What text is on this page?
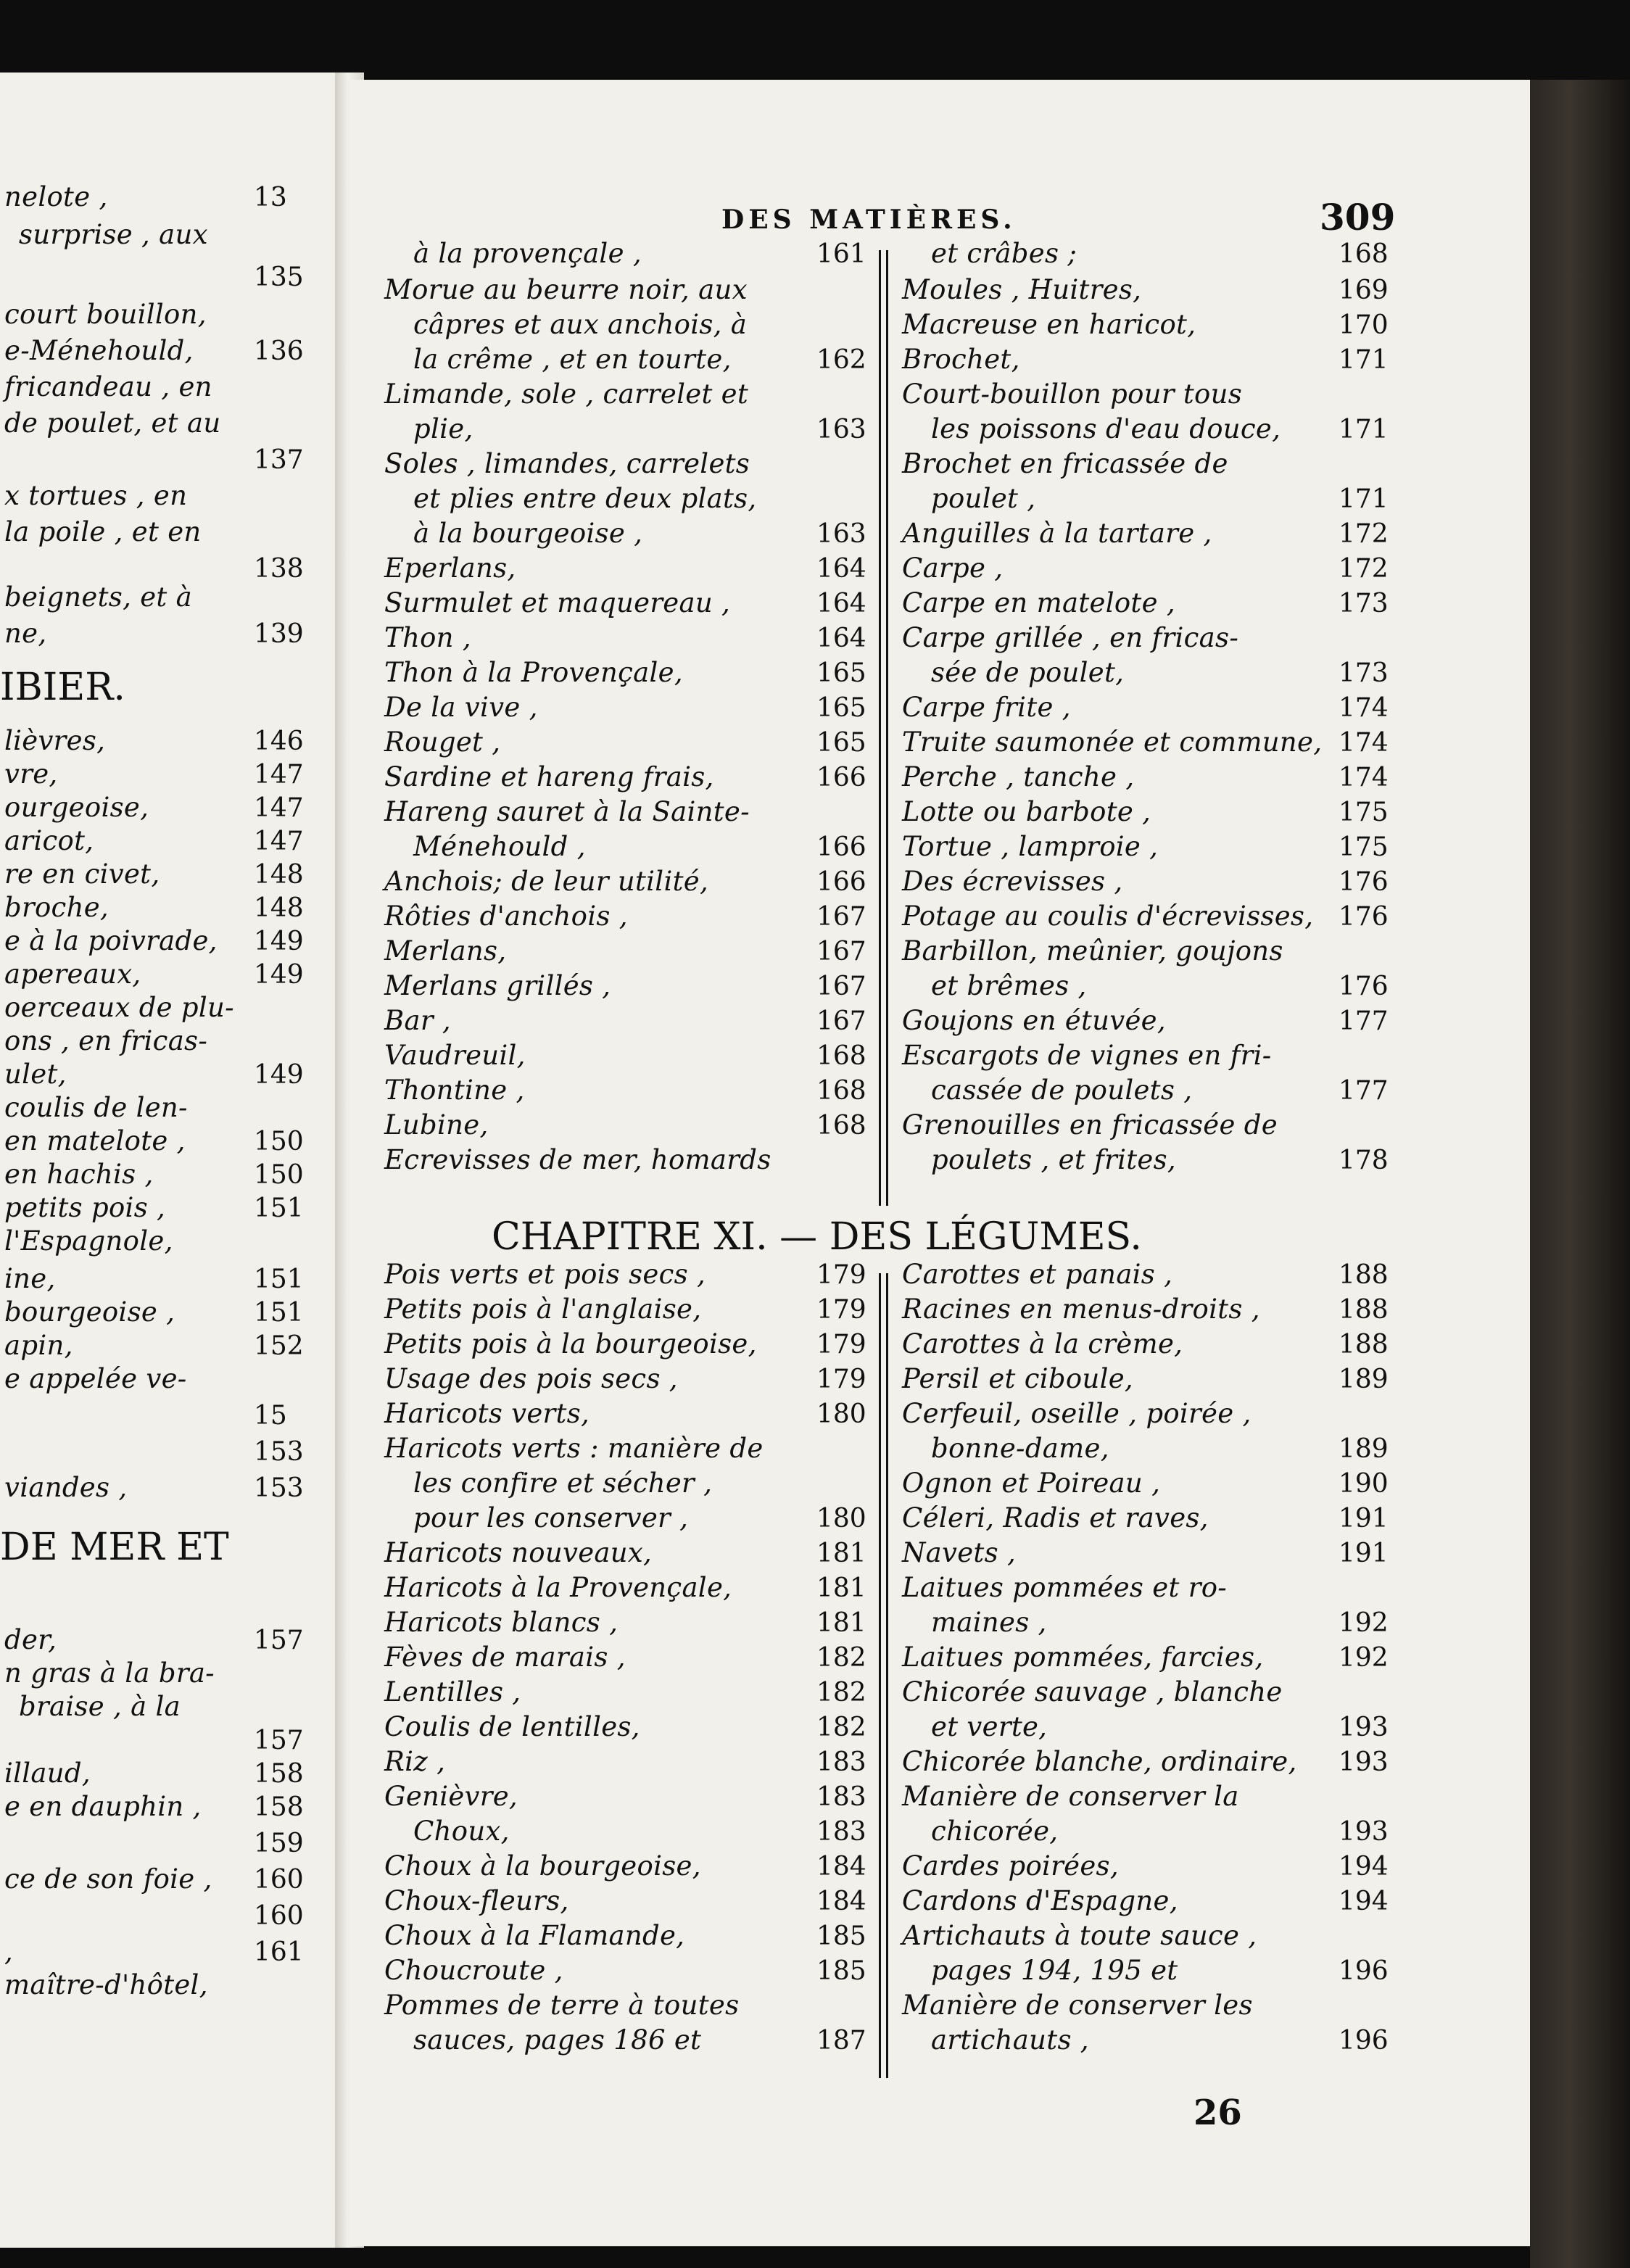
DES MATIÈRES.	309
CHAPITRE XI. — DES LÉGUMES.
IBIER.
DE MER ET
26
nelote ,	13
surprise , aux
135
court bouillon,
e-Ménehould, 136
fricandeau , en
de poulet, et au
137
x tortues , en
la poile , et en
138
beignets, et à
ne,	139
lièvres,	146
vre,	147
ourgeoise,	147
aricot,	147
re en civet,	148
broche,	148
e à la poivrade, 149
apereaux,	149
oerceaux de plu-
ons , en fricas-
ulet,	149
coulis de len-
en matelote ,	150
en hachis ,	150
petits pois ,	151
l'Espagnole,
ine,	151
bourgeoise ,	151
apin,	152
e appelée ve-
15
153
viandes ,	153
der,	157
n gras à la bra-
braise , à la
157
illaud,	158
e en dauphin , 158
159
ce de son foie , 160
160
,	161
maître-d'hôtel,
à la provençale ,	161
Morue au beurre noir, aux
câpres et aux anchois, à
la crême , et en tourte,	162
Limande, sole , carrelet et
plie,	163
Soles , limandes, carrelets
et plies entre deux plats,
à la bourgeoise ,	163
Eperlans,	164
Surmulet et maquereau ,	164
Thon ,	164
Thon à la Provençale,	165
De la vive ,	165
Rouget ,	165
Sardine et hareng frais,	166
Hareng sauret à la Sainte-
Ménehould ,	166
Anchois; de leur utilité,	166
Rôties d'anchois ,	167
Merlans,	167
Merlans grillés ,	167
Bar ,	167
Vaudreuil,	168
Thontine ,	168
Lubine,	168
Ecrevisses de mer, homards
Pois verts et pois secs ,	179
Petits pois à l'anglaise,	179
Petits pois à la bourgeoise, 179
Usage des pois secs ,	179
Haricots verts,	180
Haricots verts : manière de
les confire et sécher ,
pour les conserver ,	180
Haricots nouveaux,	181
Haricots à la Provençale,	181
Haricots blancs ,	181
Fèves de marais ,	182
Lentilles ,	182
Coulis de lentilles,	182
Riz ,	183
Genièvre,	183
Choux,	183
Choux à la bourgeoise,	184
Choux-fleurs,	184
Choux à la Flamande,	185
Choucroute ,	185
Pommes de terre à toutes
sauces, pages 186 et	187
et crâbes ;	168
Moules , Huitres,	169
Macreuse en haricot,	170
Brochet,	171
Court-bouillon pour tous
les poissons d'eau douce, 171
Brochet en fricassée de
poulet ,	171
Anguilles à la tartare ,	172
Carpe ,	172
Carpe en matelote ,	173
Carpe grillée , en fricas-
sée de poulet,	173
Carpe frite ,	174
Truite saumonée et commune, 174
Perche , tanche ,	174
Lotte ou barbote ,	175
Tortue , lamproie ,	175
Des écrevisses ,	176
Potage au coulis d'écrevisses, 176
Barbillon, meûnier, goujons
et brêmes ,	176
Goujons en étuvée,	177
Escargots de vignes en fri-
cassée de poulets ,	177
Grenouilles en fricassée de
poulets , et frites,	178
Carottes et panais ,	188
Racines en menus-droits ,	188
Carottes à la crème,	188
Persil et ciboule,	189
Cerfeuil, oseille , poirée ,
bonne-dame,	189
Ognon et Poireau ,	190
Céleri, Radis et raves,	191
Navets ,	191
Laitues pommées et ro-
maines ,	192
Laitues pommées, farcies,	192
Chicorée sauvage , blanche
et verte,	193
Chicorée blanche, ordinaire, 193
Manière de conserver la
chicorée,	193
Cardes poirées,	194
Cardons d'Espagne,	194
Artichauts à toute sauce ,
pages 194, 195 et	196
Manière de conserver les
artichauts ,	196
